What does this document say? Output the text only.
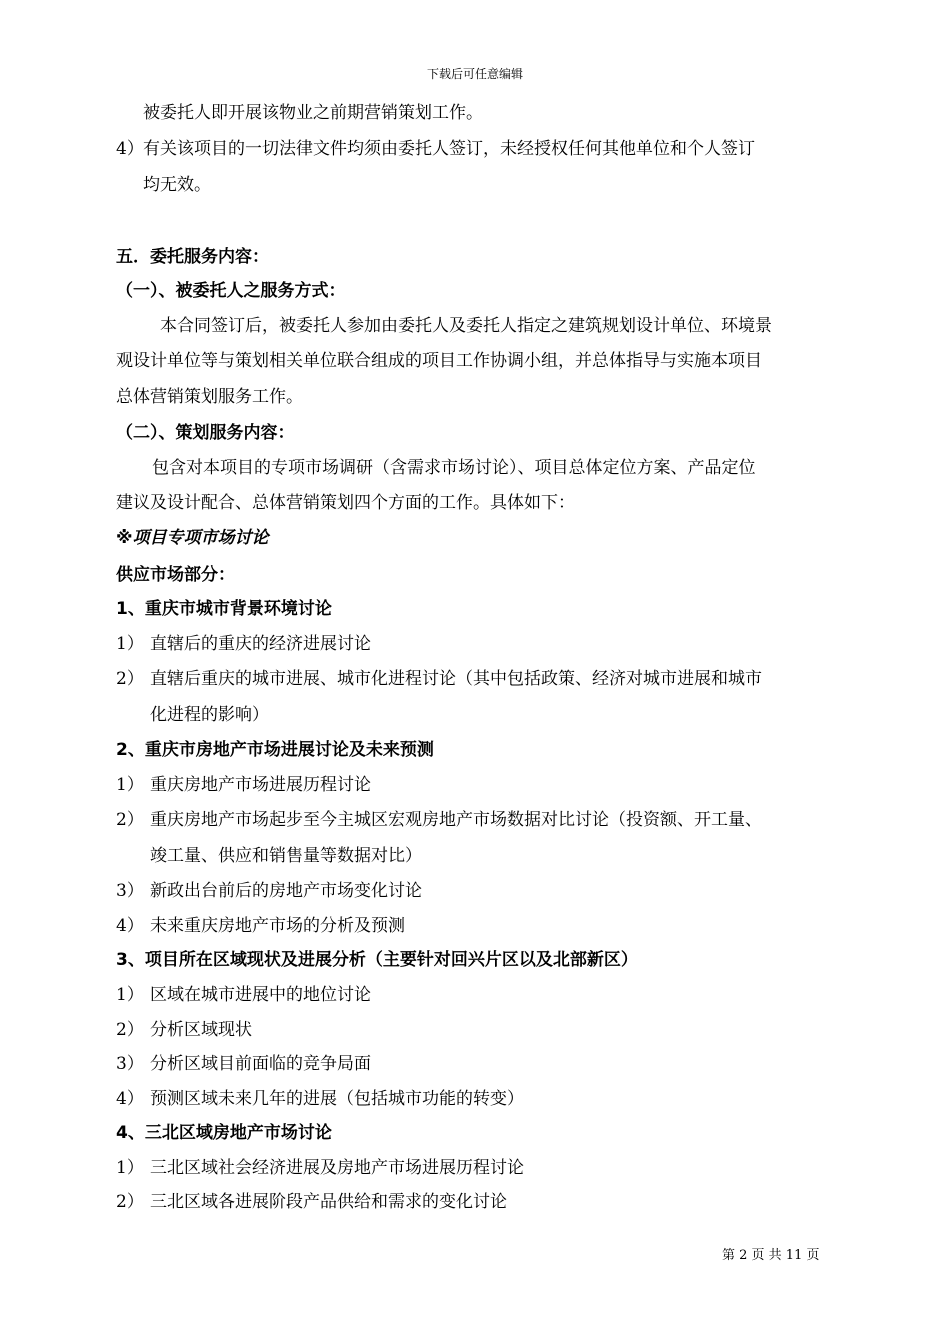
下载后可任意编辑
被委托人即开展该物业之前期营销策划工作。
4） 有关该项目的一切法律文件均须由委托人签订，未经授权任何其他单位和个人签订
均无效。
五．委托服务内容：
（一）、被委托人之服务方式：
本合同签订后，被委托人参加由委托人及委托人指定之建筑规划设计单位、环境景
观设计单位等与策划相关单位联合组成的项目工作协调小组，并总体指导与实施本项目
总体营销策划服务工作。
（二）、策划服务内容：
包含对本项目的专项市场调研（含需求市场讨论）、项目总体定位方案、产品定位
建议及设计配合、总体营销策划四个方面的工作。具体如下：
※项目专项市场讨论
供应市场部分：
1、重庆市城市背景环境讨论
1） 直辖后的重庆的经济进展讨论
2） 直辖后重庆的城市进展、城市化进程讨论（其中包括政策、经济对城市进展和城市
化进程的影响）
2、重庆市房地产市场进展讨论及未来预测
1） 重庆房地产市场进展历程讨论
2） 重庆房地产市场起步至今主城区宏观房地产市场数据对比讨论（投资额、开工量、
竣工量、供应和销售量等数据对比）
3） 新政出台前后的房地产市场变化讨论
4） 未来重庆房地产市场的分析及预测
3、项目所在区域现状及进展分析（主要针对回兴片区以及北部新区）
1） 区域在城市进展中的地位讨论
2） 分析区域现状
3） 分析区域目前面临的竞争局面
4） 预测区域未来几年的进展（包括城市功能的转变）
4、三北区域房地产市场讨论
1） 三北区域社会经济进展及房地产市场进展历程讨论
2） 三北区域各进展阶段产品供给和需求的变化讨论
第 2 页 共 11 页
